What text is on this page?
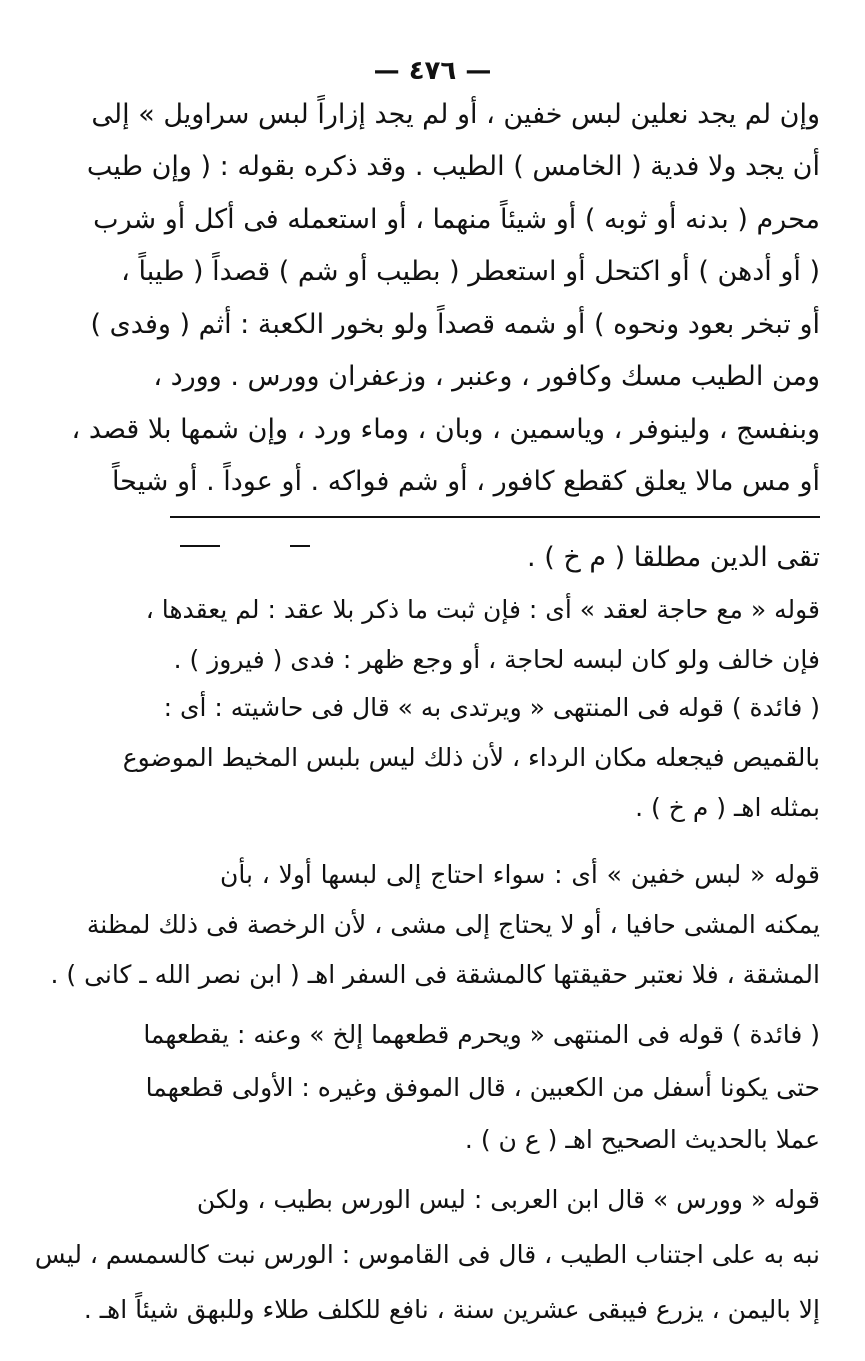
— ٤٧٦ —
وإن لم يجد نعلين لبس خفين ، أو لم يجد إزاراً لبس سراويل » إلى
أن يجد ولا فدية ( الخامس ) الطيب . وقد ذكره بقوله : ( وإن طيب
محرم ( بدنه أو ثوبه ) أو شيئاً منهما ، أو استعمله فى أكل أو شرب
( أو أدهن ) أو اكتحل أو استعطر ( بطيب أو شم ) قصداً ( طيباً ،
أو تبخر بعود ونحوه ) أو شمه قصداً ولو بخور الكعبة : أثم ( وفدى )
ومن الطيب مسك وكافور ، وعنبر ، وزعفران وورس . وورد ،
وبنفسج ، ولينوفر ، وياسمين ، وبان ، وماء ورد ، وإن شمها بلا قصد ،
أو مس مالا يعلق كقطع كافور ، أو شم فواكه . أو عوداً . أو شيحاً
تقى الدين مطلقا ( م خ ) .
قوله « مع حاجة لعقد » أى : فإن ثبت ما ذكر بلا عقد : لم يعقدها ،
فإن خالف ولو كان لبسه لحاجة ، أو وجع ظهر : فدى ( فيروز ) .
( فائدة ) قوله فى المنتهى « ويرتدى به » قال فى حاشيته : أى :
بالقميص فيجعله مكان الرداء ، لأن ذلك ليس بلبس المخيط الموضوع
بمثله اهـ ( م خ ) .
قوله « لبس خفين » أى : سواء احتاج إلى لبسها أولا ، بأن
يمكنه المشى حافيا ، أو لا يحتاج إلى مشى ، لأن الرخصة فى ذلك لمظنة
المشقة ، فلا نعتبر حقيقتها كالمشقة فى السفر اهـ ( ابن نصر الله ـ كانى ) .
( فائدة ) قوله فى المنتهى « ويحرم قطعهما إلخ » وعنه : يقطعهما
حتى يكونا أسفل من الكعبين ، قال الموفق وغيره : الأولى قطعهما
عملا بالحديث الصحيح اهـ ( ع ن ) .
قوله « وورس » قال ابن العربى : ليس الورس بطيب ، ولكن
نبه به على اجتناب الطيب ، قال فى القاموس : الورس نبت كالسمسم ، ليس
إلا باليمن ، يزرع فيبقى عشرين سنة ، نافع للكلف طلاء وللبهق شيئاً اهـ .
